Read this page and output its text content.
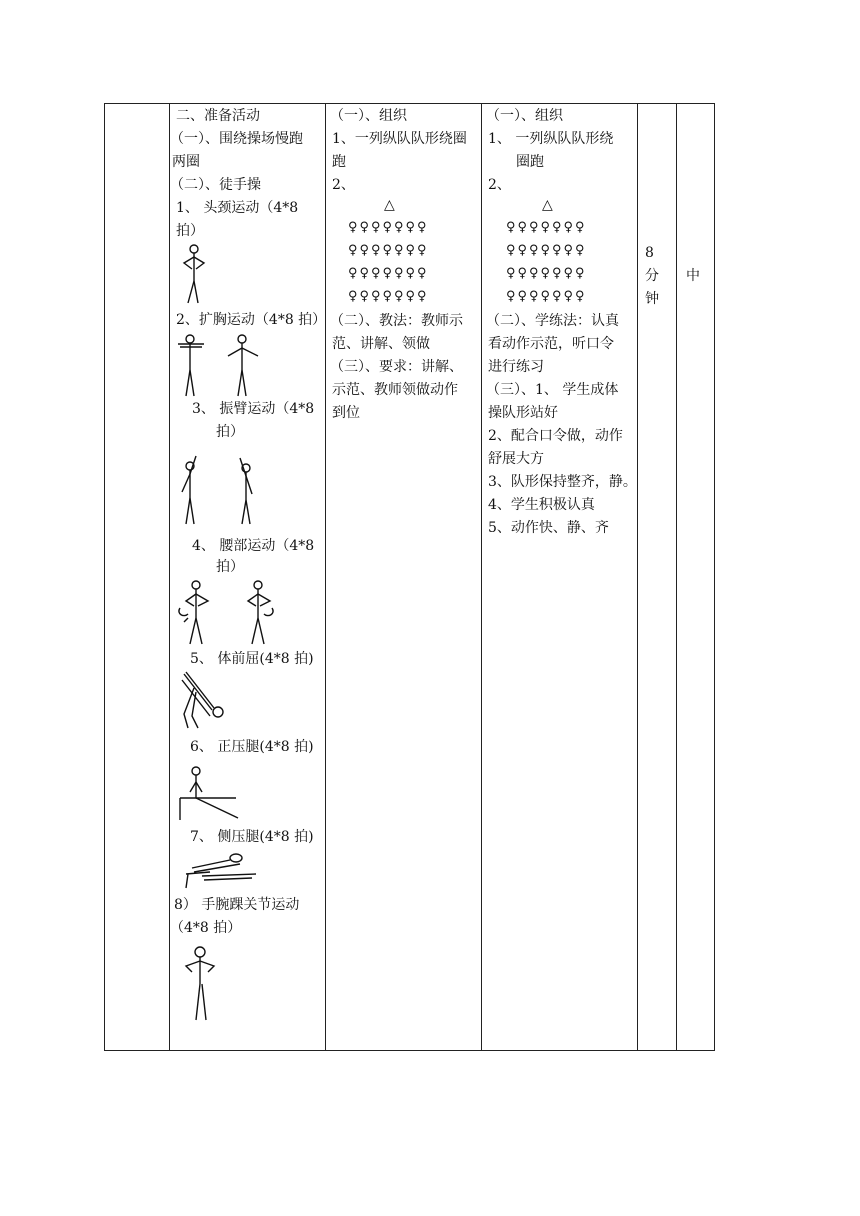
二、准备活动
（一）、围绕操场慢跑
两圈
（二）、徒手操
1、 头颈运动（4*8
拍）
2、扩胸运动（4*8 拍）
3、 振臂运动（4*8
拍）
4、 腰部运动（4*8
拍）
5、 体前屈(4*8 拍)
6、 正压腿(4*8 拍)
7、 侧压腿(4*8 拍)
8） 手腕踝关节运动
（4*8 拍）
（一）、组织
1、一列纵队队形绕圈
跑
2、
△
♀♀♀♀♀♀♀
♀♀♀♀♀♀♀
♀♀♀♀♀♀♀
♀♀♀♀♀♀♀
（二）、教法：教师示
范、讲解、领做
（三）、要求：讲解、
示范、教师领做动作
到位
（一）、组织
1、 一列纵队队形绕
圈跑
2、
△
♀♀♀♀♀♀♀
♀♀♀♀♀♀♀
♀♀♀♀♀♀♀
♀♀♀♀♀♀♀
（二）、学练法：认真
看动作示范，听口令
进行练习
（三）、1、 学生成体
操队形站好
2、配合口令做，动作
舒展大方
3、队形保持整齐，静。
4、学生积极认真
5、动作快、静、齐
8
分
钟
中
